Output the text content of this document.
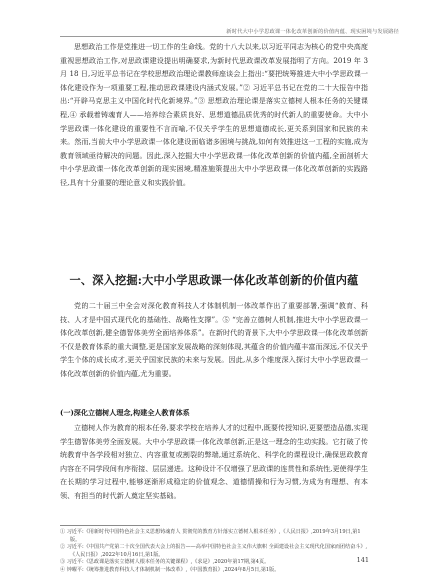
新时代大中小学思政课一体化改革创新的价值内蕴、现实困境与发展路径

思想政治工作是党推进一切工作的生命线。党的十八大以来,以习近平同志为核心的党中央高度重视思想政治工作,对思政课建设提出明确要求,为新时代思政课改革发展指明了方向。2019 年 3 月 18 日,习近平总书记在学校思想政治理论课教师座谈会上指出:“要把统筹推进大中小学思政课一体化建设作为一项重要工程,推动思政课建设内涵式发展。”② 习近平总书记在党的二十大报告中指出:“开辟马克思主义中国化时代化新境界。”③ 思想政治理论课是落实立德树人根本任务的关键课程,④ 承载着铸魂育人——培养综合素质良好、思想道德品质优秀的时代新人的重要使命。大中小学思政课一体化建设的重要性不言而喻,不仅关乎学生的思想道德成长,更关系到国家和民族的未来。然而,当前大中小学思政课一体化建设面临诸多困境与挑战,如何有效推进这一工程的实施,成为教育领域亟待解决的问题。因此,深入挖掘大中小学思政课一体化改革创新的价值内蕴,全面剖析大中小学思政课一体化改革创新的现实困境,精准施策提出大中小学思政课一体化改革创新的实践路径,具有十分重要的理论意义和实践价值。

一、深入挖掘:大中小学思政课一体化改革创新的价值内蕴

党的二十届三中全会对深化教育科技人才体制机制一体改革作出了重要部署,强调“教育、科技、人才是中国式现代化的基础性、战略性支撑”。⑤ “完善立德树人机制,推进大中小学思政课一体化改革创新,健全德智体美劳全面培养体系”。在新时代的背景下,大中小学思政课一体化改革创新不仅是教育体系的重大调整,更是国家发展战略的深刻体现,其蕴含的价值内蕴丰富而深远,不仅关乎学生个体的成长成才,更关乎国家民族的未来与发展。因此,从多个维度深入探讨大中小学思政课一体化改革创新的价值内蕴,尤为重要。

(一)深化立德树人理念,构建全人教育体系

立德树人作为教育的根本任务,要求学校在培养人才的过程中,既要传授知识,更要塑造品德,实现学生德智体美劳全面发展。大中小学思政课一体化改革创新,正是这一理念的生动实践。它打破了传统教育中各学段相对独立、内容重复或割裂的弊端,通过系统化、科学化的课程设计,确保思政教育内容在不同学段间有序衔接、层层递进。这种设计不仅增强了思政课的连贯性和系统性,更使得学生在长期的学习过程中,能够逐渐形成稳定的价值观念、道德情操和行为习惯,为成为有理想、有本领、有担当的时代新人奠定坚实基础。

① 习近平:《用新时代中国特色社会主义思想铸魂育人 贯彻党的教育方针落实立德树人根本任务》,《人民日报》,2019年3月19日,第1版。
② 习近平:《中国共产党第二十次全国代表大会上的报告——高举中国特色社会主义伟大旗帜 全面建设社会主义现代化国家而团结奋斗》,《人民日报》,2022年10月16日,第1版。
③ 习近平:《思政课是落实立德树人根本任务的关键课程》,《求是》,2020年第17期,第4页。
④ 钟曜平:《统筹推进教育科技人才体制机制一体改革》,《中国教育报》,2024年8月5日,第1版。
141
